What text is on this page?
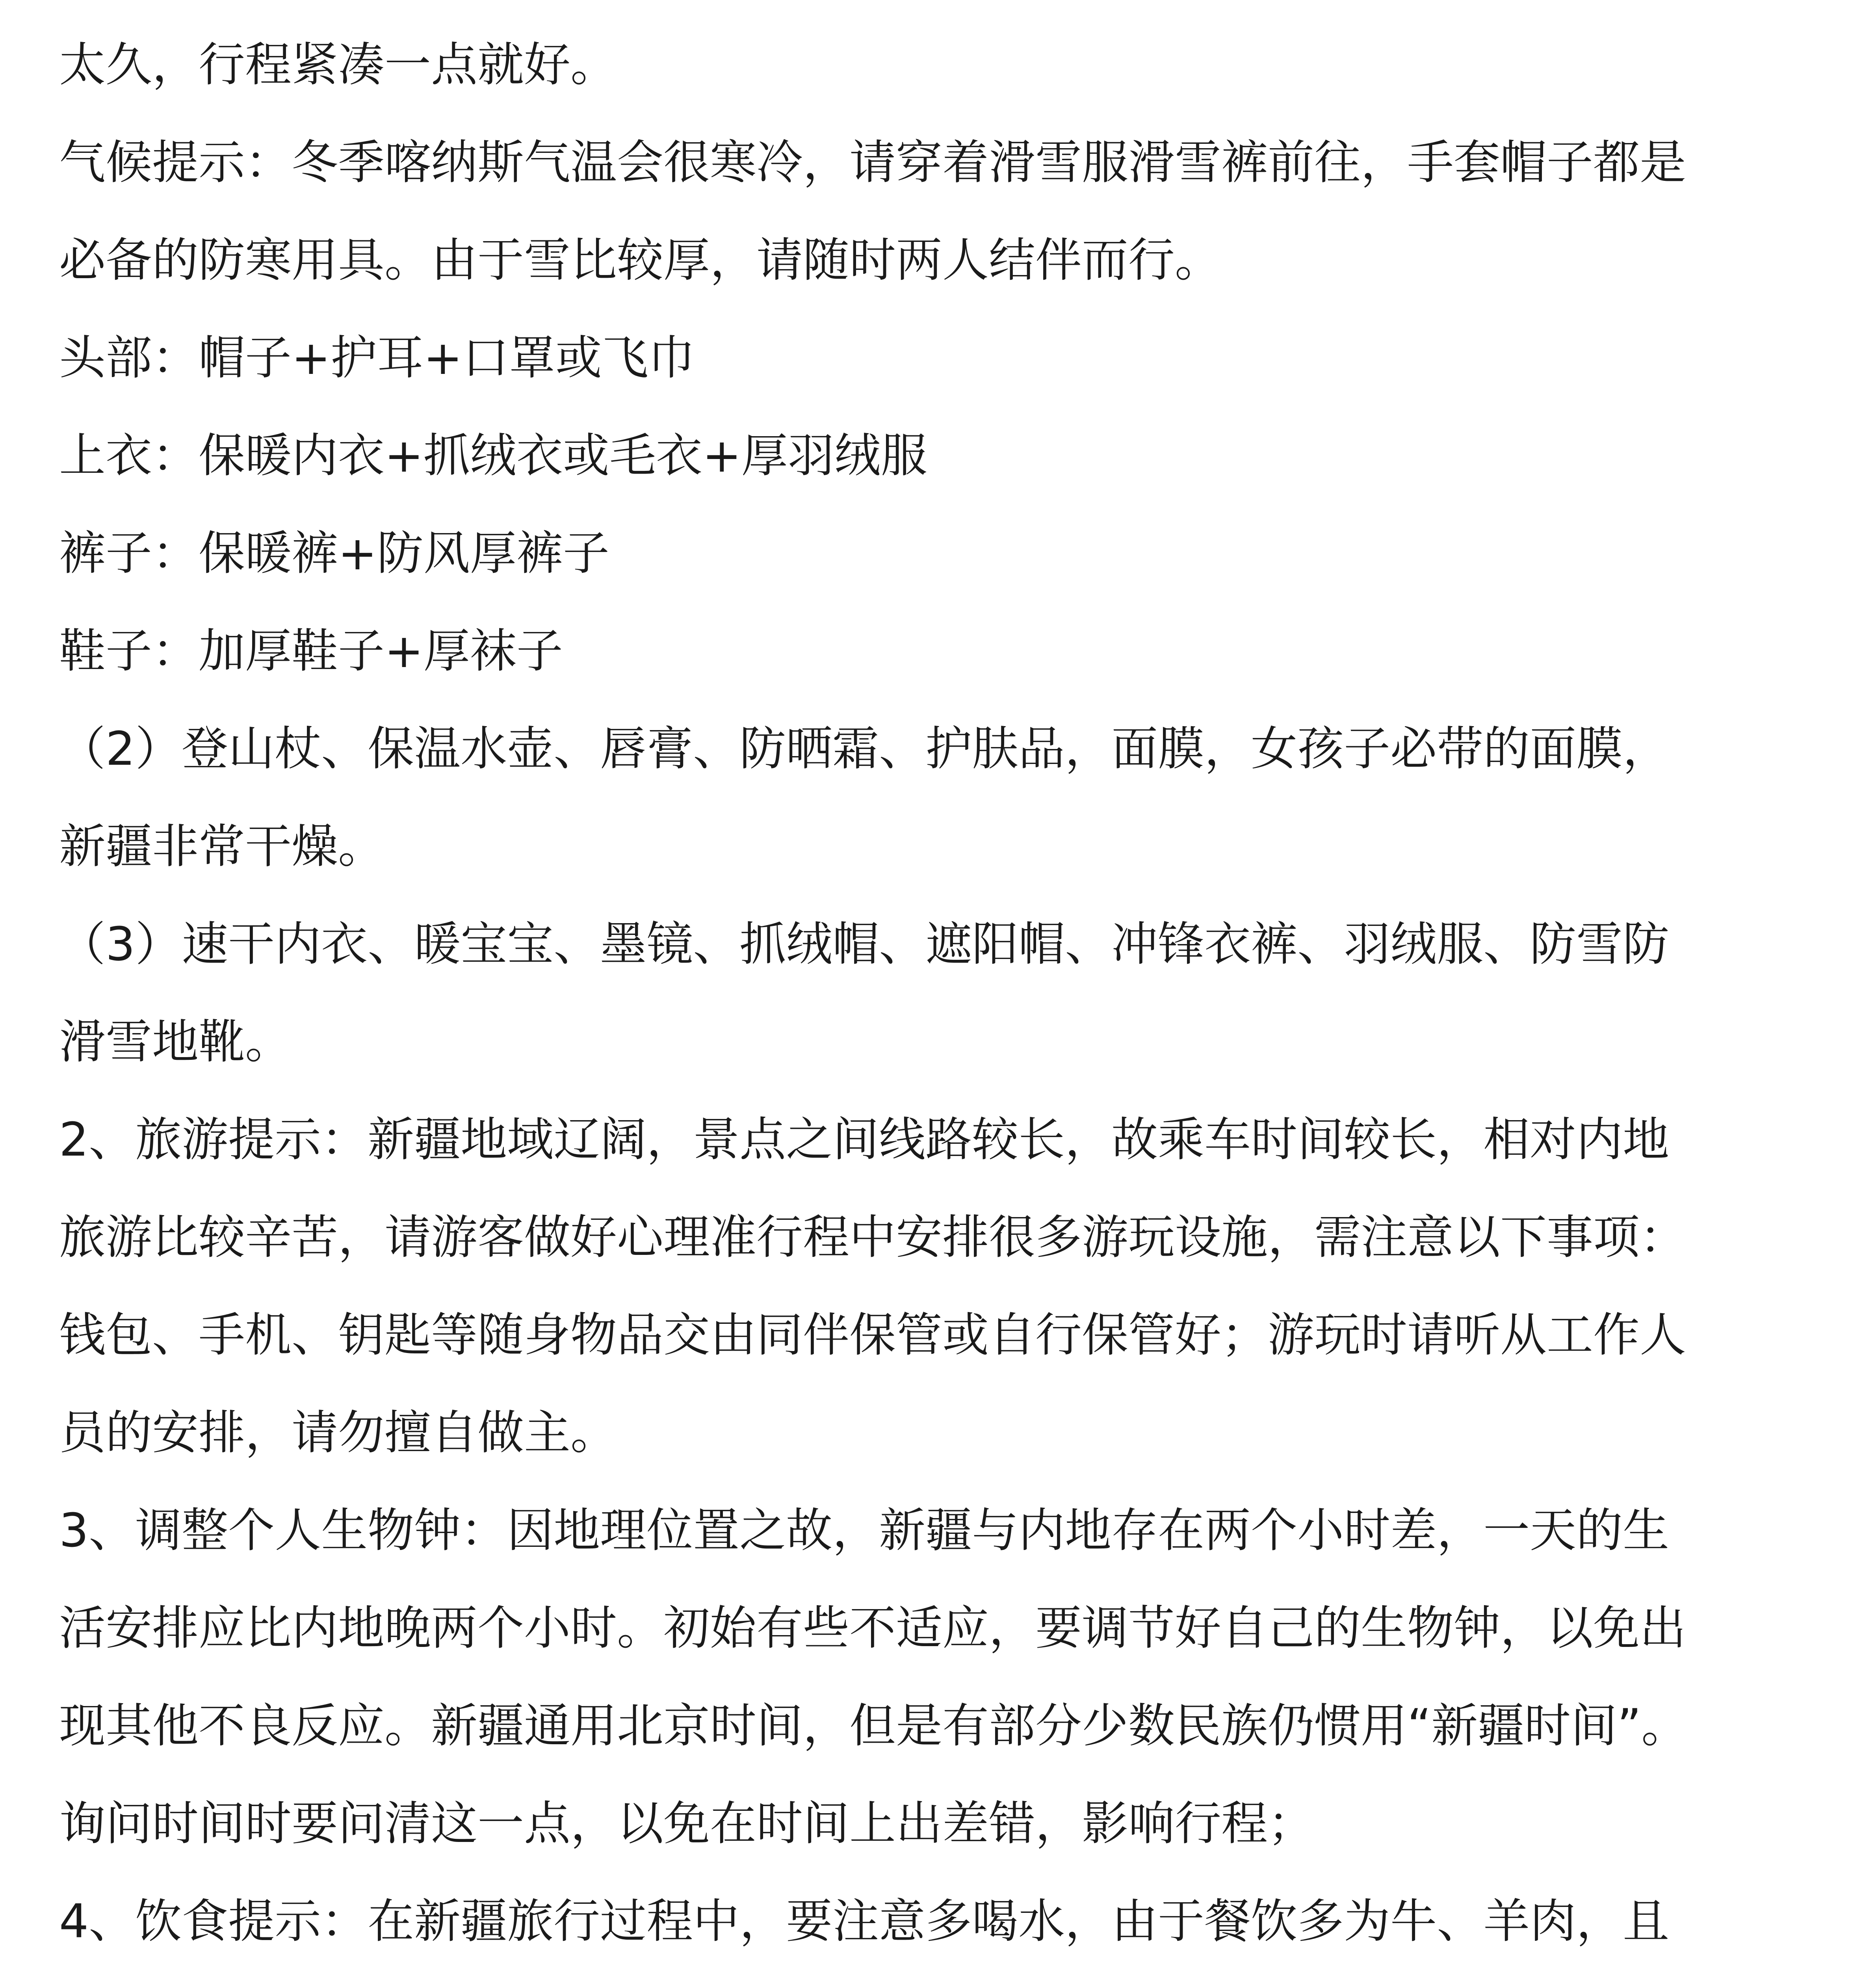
太久，行程紧凑一点就好。

气候提示：冬季喀纳斯气温会很寒冷，请穿着滑雪服滑雪裤前往，手套帽子都是

必备的防寒用具。由于雪比较厚，请随时两人结伴而行。

头部：帽子+护耳+口罩或飞巾

上衣：保暖内衣+抓绒衣或毛衣+厚羽绒服

裤子：保暖裤+防风厚裤子

鞋子：加厚鞋子+厚袜子

（2）登山杖、保温水壶、唇膏、防晒霜、护肤品，面膜，女孩子必带的面膜，

新疆非常干燥。

（3）速干内衣、暖宝宝、墨镜、抓绒帽、遮阳帽、冲锋衣裤、羽绒服、防雪防

滑雪地靴。

2、旅游提示：新疆地域辽阔，景点之间线路较长，故乘车时间较长，相对内地

旅游比较辛苦，请游客做好心理准行程中安排很多游玩设施，需注意以下事项：

钱包、手机、钥匙等随身物品交由同伴保管或自行保管好；游玩时请听从工作人

员的安排，请勿擅自做主。

3、调整个人生物钟：因地理位置之故，新疆与内地存在两个小时差，一天的生

活安排应比内地晚两个小时。初始有些不适应，要调节好自己的生物钟，以免出

现其他不良反应。新疆通用北京时间，但是有部分少数民族仍惯用“新疆时间”。

询问时间时要问清这一点，以免在时间上出差错，影响行程；

4、饮食提示：在新疆旅行过程中，要注意多喝水，由于餐饮多为牛、羊肉，且
